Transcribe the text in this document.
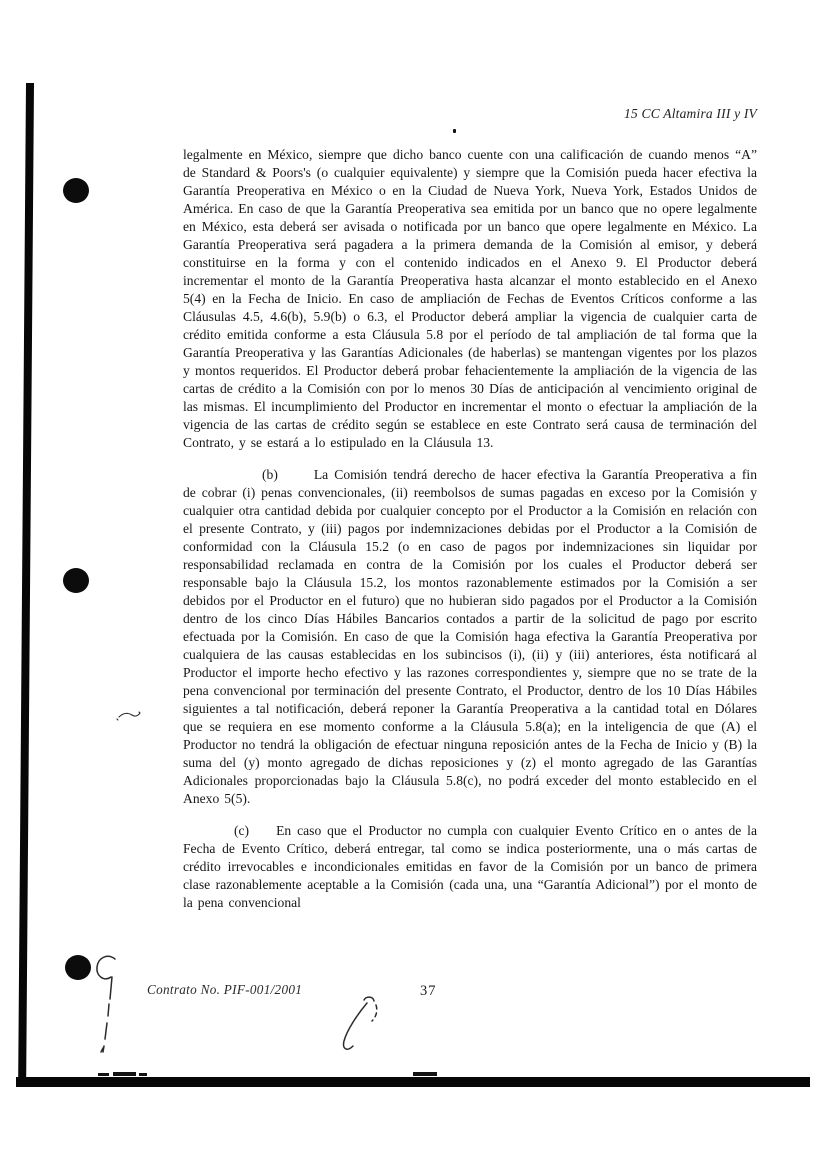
15 CC Altamira III y IV

legalmente en México, siempre que dicho banco cuente con una calificación de cuando menos “A” de Standard & Poors's (o cualquier equivalente) y siempre que la Comisión pueda hacer efectiva la Garantía Preoperativa en México o en la Ciudad de Nueva York, Nueva York, Estados Unidos de América. En caso de que la Garantía Preoperativa sea emitida por un banco que no opere legalmente en México, esta deberá ser avisada o notificada por un banco que opere legalmente en México. La Garantía Preoperativa será pagadera a la primera demanda de la Comisión al emisor, y deberá constituirse en la forma y con el contenido indicados en el Anexo 9. El Productor deberá incrementar el monto de la Garantía Preoperativa hasta alcanzar el monto establecido en el Anexo 5(4) en la Fecha de Inicio. En caso de ampliación de Fechas de Eventos Críticos conforme a las Cláusulas 4.5, 4.6(b), 5.9(b) o 6.3, el Productor deberá ampliar la vigencia de cualquier carta de crédito emitida conforme a esta Cláusula 5.8 por el período de tal ampliación de tal forma que la Garantía Preoperativa y las Garantías Adicionales (de haberlas) se mantengan vigentes por los plazos y montos requeridos. El Productor deberá probar fehacientemente la ampliación de la vigencia de las cartas de crédito a la Comisión con por lo menos 30 Días de anticipación al vencimiento original de las mismas. El incumplimiento del Productor en incrementar el monto o efectuar la ampliación de la vigencia de las cartas de crédito según se establece en este Contrato será causa de terminación del Contrato, y se estará a lo estipulado en la Cláusula 13.

(b)	La Comisión tendrá derecho de hacer efectiva la Garantía Preoperativa a fin de cobrar (i) penas convencionales, (ii) reembolsos de sumas pagadas en exceso por la Comisión y cualquier otra cantidad debida por cualquier concepto por el Productor a la Comisión en relación con el presente Contrato, y (iii) pagos por indemnizaciones debidas por el Productor a la Comisión de conformidad con la Cláusula 15.2 (o en caso de pagos por indemnizaciones sin liquidar por responsabilidad reclamada en contra de la Comisión por los cuales el Productor deberá ser responsable bajo la Cláusula 15.2, los montos razonablemente estimados por la Comisión a ser debidos por el Productor en el futuro) que no hubieran sido pagados por el Productor a la Comisión dentro de los cinco Días Hábiles Bancarios contados a partir de la solicitud de pago por escrito efectuada por la Comisión. En caso de que la Comisión haga efectiva la Garantía Preoperativa por cualquiera de las causas establecidas en los subincisos (i), (ii) y (iii) anteriores, ésta notificará al Productor el importe hecho efectivo y las razones correspondientes y, siempre que no se trate de la pena convencional por terminación del presente Contrato, el Productor, dentro de los 10 Días Hábiles siguientes a tal notificación, deberá reponer la Garantía Preoperativa a la cantidad total en Dólares que se requiera en ese momento conforme a la Cláusula 5.8(a); en la inteligencia de que (A) el Productor no tendrá la obligación de efectuar ninguna reposición antes de la Fecha de Inicio y (B) la suma del (y) monto agregado de dichas reposiciones y (z) el monto agregado de las Garantías Adicionales proporcionadas bajo la Cláusula 5.8(c), no podrá exceder del monto establecido en el Anexo 5(5).

(c) En caso que el Productor no cumpla con cualquier Evento Crítico en o antes de la Fecha de Evento Crítico, deberá entregar, tal como se indica posteriormente, una o más cartas de crédito irrevocables e incondicionales emitidas en favor de la Comisión por un banco de primera clase razonablemente aceptable a la Comisión (cada una, una “Garantía Adicional”) por el monto de la pena convencional

Contrato No. PIF-001/2001	37
